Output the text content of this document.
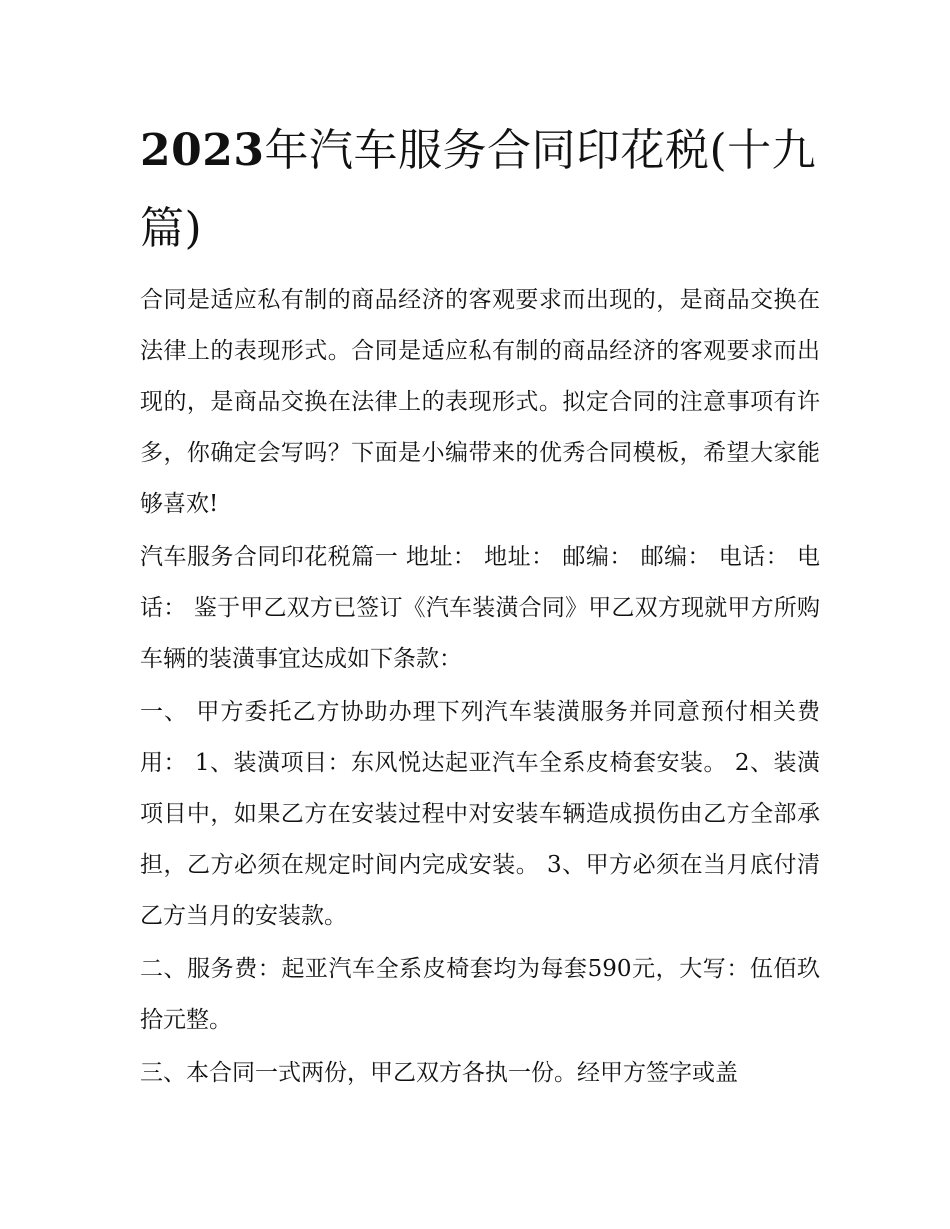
2023年汽车服务合同印花税(十九篇)

合同是适应私有制的商品经济的客观要求而出现的，是商品交换在法律上的表现形式。合同是适应私有制的商品经济的客观要求而出现的，是商品交换在法律上的表现形式。拟定合同的注意事项有许多，你确定会写吗？下面是小编带来的优秀合同模板，希望大家能够喜欢!

汽车服务合同印花税篇一 地址： 地址： 邮编： 邮编： 电话： 电话： 鉴于甲乙双方已签订《汽车装潢合同》甲乙双方现就甲方所购车辆的装潢事宜达成如下条款：

一、 甲方委托乙方协助办理下列汽车装潢服务并同意预付相关费用： 1、装潢项目：东风悦达起亚汽车全系皮椅套安装。 2、装潢项目中，如果乙方在安装过程中对安装车辆造成损伤由乙方全部承担，乙方必须在规定时间内完成安装。 3、甲方必须在当月底付清乙方当月的安装款。

二、服务费：起亚汽车全系皮椅套均为每套590元，大写：伍佰玖拾元整。

三、本合同一式两份，甲乙双方各执一份。经甲方签字或盖
